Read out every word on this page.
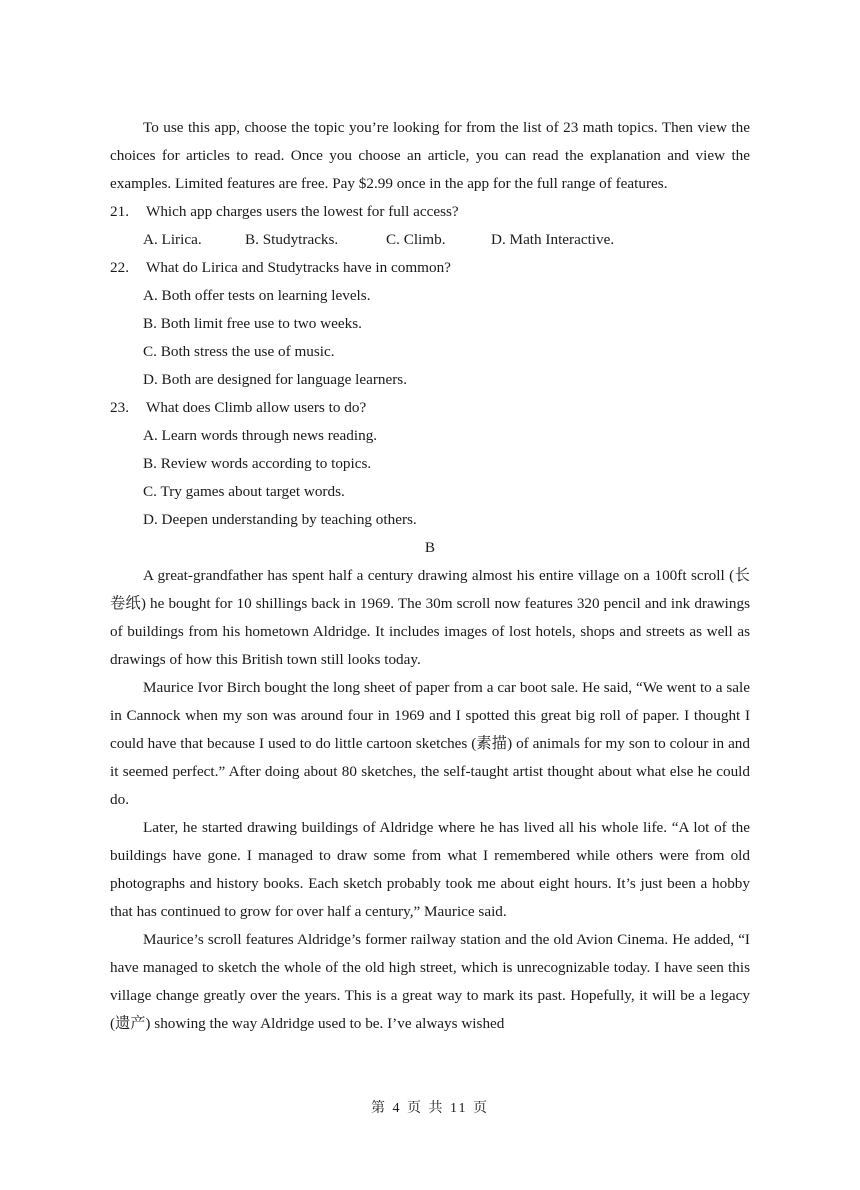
To use this app, choose the topic you’re looking for from the list of 23 math topics. Then view the choices for articles to read. Once you choose an article, you can read the explanation and view the examples. Limited features are free. Pay $2.99 once in the app for the full range of features.

21.	Which app charges users the lowest for full access?
A. Lirica.	B. Studytracks.	C. Climb.	D. Math Interactive.
22.	What do Lirica and Studytracks have in common?
A. Both offer tests on learning levels.
B. Both limit free use to two weeks.
C. Both stress the use of music.
D. Both are designed for language learners.
23.	What does Climb allow users to do?
A. Learn words through news reading.
B. Review words according to topics.
C. Try games about target words.
D. Deepen understanding by teaching others.
B

A great-grandfather has spent half a century drawing almost his entire village on a 100ft scroll (长卷纸) he bought for 10 shillings back in 1969. The 30m scroll now features 320 pencil and ink drawings of buildings from his hometown Aldridge. It includes images of lost hotels, shops and streets as well as drawings of how this British town still looks today.

Maurice Ivor Birch bought the long sheet of paper from a car boot sale. He said, “We went to a sale in Cannock when my son was around four in 1969 and I spotted this great big roll of paper. I thought I could have that because I used to do little cartoon sketches (素描) of animals for my son to colour in and it seemed perfect.” After doing about 80 sketches, the self-taught artist thought about what else he could do.

Later, he started drawing buildings of Aldridge where he has lived all his whole life. “A lot of the buildings have gone. I managed to draw some from what I remembered while others were from old photographs and history books. Each sketch probably took me about eight hours. It’s just been a hobby that has continued to grow for over half a century,” Maurice said.

Maurice’s scroll features Aldridge’s former railway station and the old Avion Cinema. He added, “I have managed to sketch the whole of the old high street, which is unrecognizable today. I have seen this village change greatly over the years. This is a great way to mark its past. Hopefully, it will be a legacy (遗产) showing the way Aldridge used to be. I’ve always wished

第 4 页 共 11 页
